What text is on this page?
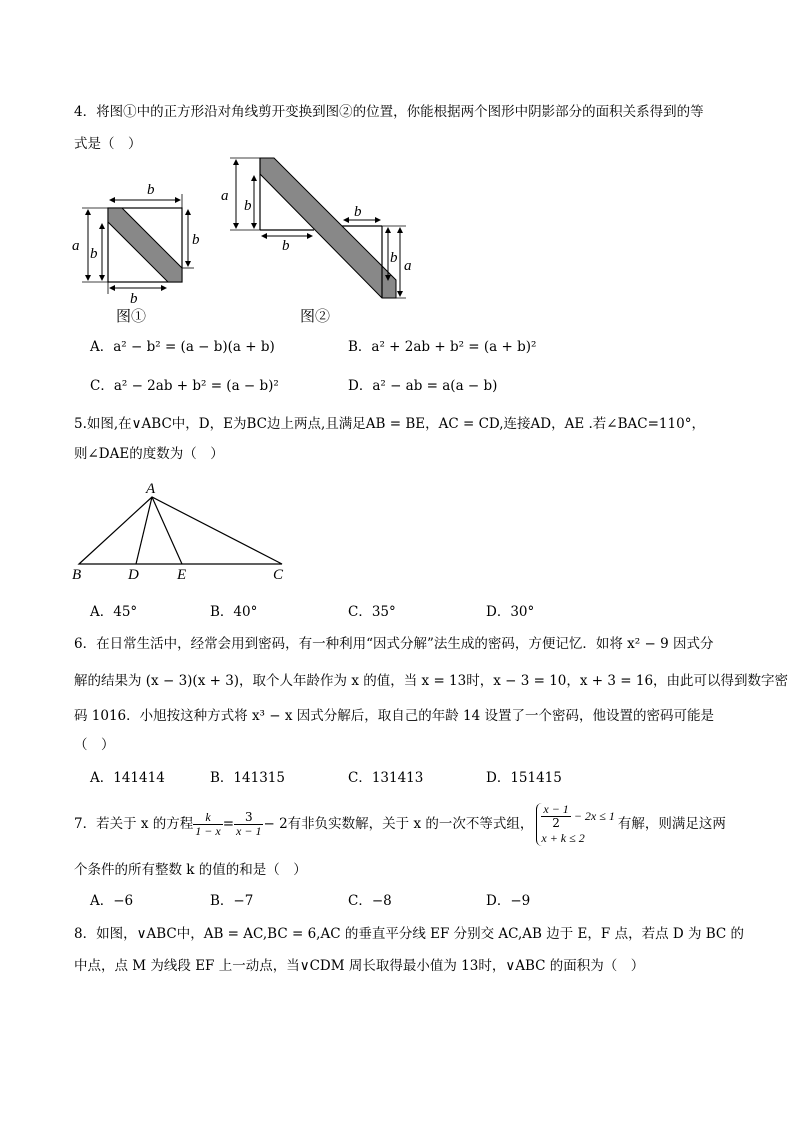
4．将图①中的正方形沿对角线剪开变换到图②的位置，你能根据两个图形中阴影部分的面积关系得到的等
式是（　）
a b
b
b
b
图①
a
b
b
b
b a
图②
A．a² − b² = (a − b)(a + b)	B．a² + 2ab + b² = (a + b)²
C．a² − 2ab + b² = (a − b)²	D．a² − ab = a(a − b)
5.如图,在∨ABC中，D，E为BC边上两点,且满足AB = BE，AC = CD,连接AD，AE .若∠BAC=110°，
则∠DAE的度数为（　）
A
B	D	E	C
A．45°	B．40°	C．35°	D．30°
6．在日常生活中，经常会用到密码，有一种利用“因式分解”法生成的密码，方便记忆．如将 x² − 9 因式分
解的结果为 (x − 3)(x + 3)，取个人年龄作为 x 的值，当 x = 13时，x − 3 = 10，x + 3 = 16，由此可以得到数字密
码 1016．小旭按这种方式将 x³ − x 因式分解后，取自己的年龄 14 设置了一个密码，他设置的密码可能是
（　）
A．141414	B．141315	C．131413	D．151415
7．若关于 x 的方程 $\frac{k}{1 - x} = \frac{3}{x - 1} - 2$有非负实数解，关于 x 的一次不等式组， $\frac{x - 1}{2} - 2x \le 1$
x + k ≤ 2
有解，则满足这两
个条件的所有整数 k 的值的和是（　）
A．−6	B．−7	C．−8	D．−9
8．如图，∨ABC中，AB = AC,BC = 6,AC 的垂直平分线 EF 分别交 AC,AB 边于 E，F 点，若点 D 为 BC 的
中点，点 M 为线段 EF 上一动点，当∨CDM 周长取得最小值为 13时，∨ABC 的面积为（　）
